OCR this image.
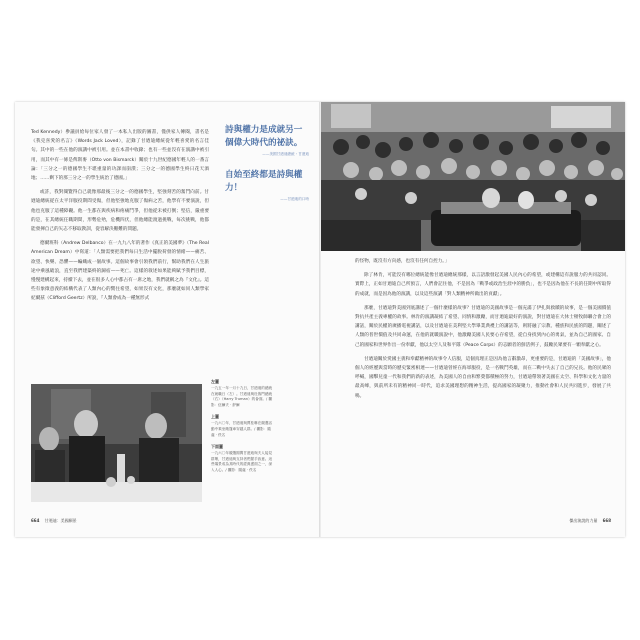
Ted Kennedy）參議員給每位家人發了一本私人出版的圖書，僅供家人傳閱，書名是《我克喜愛的名言》（Words Jack Loved），記錄了甘迺迪總統從年輕喜愛的名言佳句。其中的一些在他的演講中被引用。並在本書中收錄；也有一些並沒有在演講中被引用，而其中有一條是俾斯麥（Otto von Bismarck）關於十九世紀德國年輕人的一番言論：「三分之一的德國學生不堪重量的功課而崩潰；三分之一的德國學生終日花天酒地；……剩下的那三分之一的學生統治了德國。」

或許，我對閱覽得自己就像那最後三分之一的德國學生，堅強刻苦的奮鬥向前。甘迺迪總統從在太平洋服役期間受傷，但他堅強地克服了傷病之苦，他學有不要演說，但他也克服了這種障礙。他一生都在與疾病和疼痛鬥爭，但他從未被打倒；堅信，嚴重要的是，在其總統任職期間，形勢危殆，危機四伏，但他總能渡過挑戰，每次挑戰，他都能發揮自己的矢志不移取教訓，從容解決艱難的問題。

德爾班科（Andrew Delbanco）在一九九八年的著作《真正的美國夢》（The Real American Dream）中寫道：「人類需要把我們每日生活中擺脫荷發的情緒——痛苦、欲望、快樂、恐懼——編織成一個故事。這個故事會引領我們前行，幫助我們在人生旅途中乘風破浪，直至我們建築終的歸宿——死亡。這樣的敘述如果能夠賦予我們目標，慢慢建構起來，持續下去，並在很多人心中都占有一席之地，我們就稱之為『文化』。這些有象徵意義的結構代表了人類內心的嚮往希望，如果沒有文化，那麼就如同人類學家紀爾茲（Clifford Geertz）所說，『人類會成為一種無形式

詩與權力是成就另一個偉大時代的祕訣。

——美國甘迺迪總統・甘迺迪

自始至終都是詩與權力！

——甘迺迪的口吻

左圖

一九五一年一月十九日，甘迺迪的總統在就職日（左）。甘迺迪與杜魯門總統（右）（Harry Truman）的會面。/ 攝影：伍爾夫 · 舒爾

上圖

一九六〇年，甘迺迪與賈桂琳在競選活動中乘坐敞篷車穿越人群。/ 攝影：隨處 · 佚名

下面圖

一九六〇年競選期間甘迺迪與夫人接見群眾，甘迺迪與支持者們握手致意。這些場景成為其時代的經典畫面之一，深入人心。/ 攝影：隨處 · 佚名

664 甘迺迪：美國願景

的怪物，既沒有方向感，也沒有任何自控力。」

除了林肯，可能沒有哪位總統能像甘迺迪總統那樣，以言語激發起美國人民內心的希望，或建構這有說服力的共同認同。實際上，正如甘迺迪自己所預言，人們會記住他，不是因為「戰爭或政治生涯中的勝負」，也不是因為他在不長的任期中所取得的成就，而是因為他的演講，以及這些演講「對人類精神所做出的貢獻」。

那麼，甘迺迪對美國到底講述了一個什麼樣的故事？甘迺迪的美國故事是一個充滿了伊扎與救贖的故事，是一個美國價值對抗共產主義專權的故事。林肯的演講凝結了希望、同情和激勵，而甘迺迪最好的演說，對甘迺迪在大休士頓牧師聯合會上的講話，關於民權的廣播電視講話，以及甘迺迪在美利堅大學畢業典禮上的講話等，則將融了宗教、種族和民族的問題，闡述了人類的普世價值及共同命運，在他的就職演說中，他激勵美國人民要心存希望，從自身找到內心的勇氣，並為自己的國家、自己的國家和世界作出一份奉獻，他以太空人及和平隊（Peace Corps）的志願者的鮮活例子，鼓勵民眾要有一顆奉獻之心。

甘迺迪關於愛國主義和奉獻精神的故事令人信服，這個真理正是因為他言辭激昂，更重要的是，甘迺迪的「美國故事」，他個人的經歷與當時的歷史緊密相連——甘迺迪曾經在海軍服役，是一名戰鬥英雄，而在二戰中失去了自己的兄長。他的民眾的呼喊，國擊兒童一代和我們的新的表述，為美國人的自由和繁榮都積極的努力，甘迺迪帶領著美國在太空、科學和文化力量的最高峰，與前所未有的精神同一時代，追求美國理想的精神生活，提高國家的凝聚力，推動社會和人民共同進步，發展了共鳴。

傑出演說的力量 668
